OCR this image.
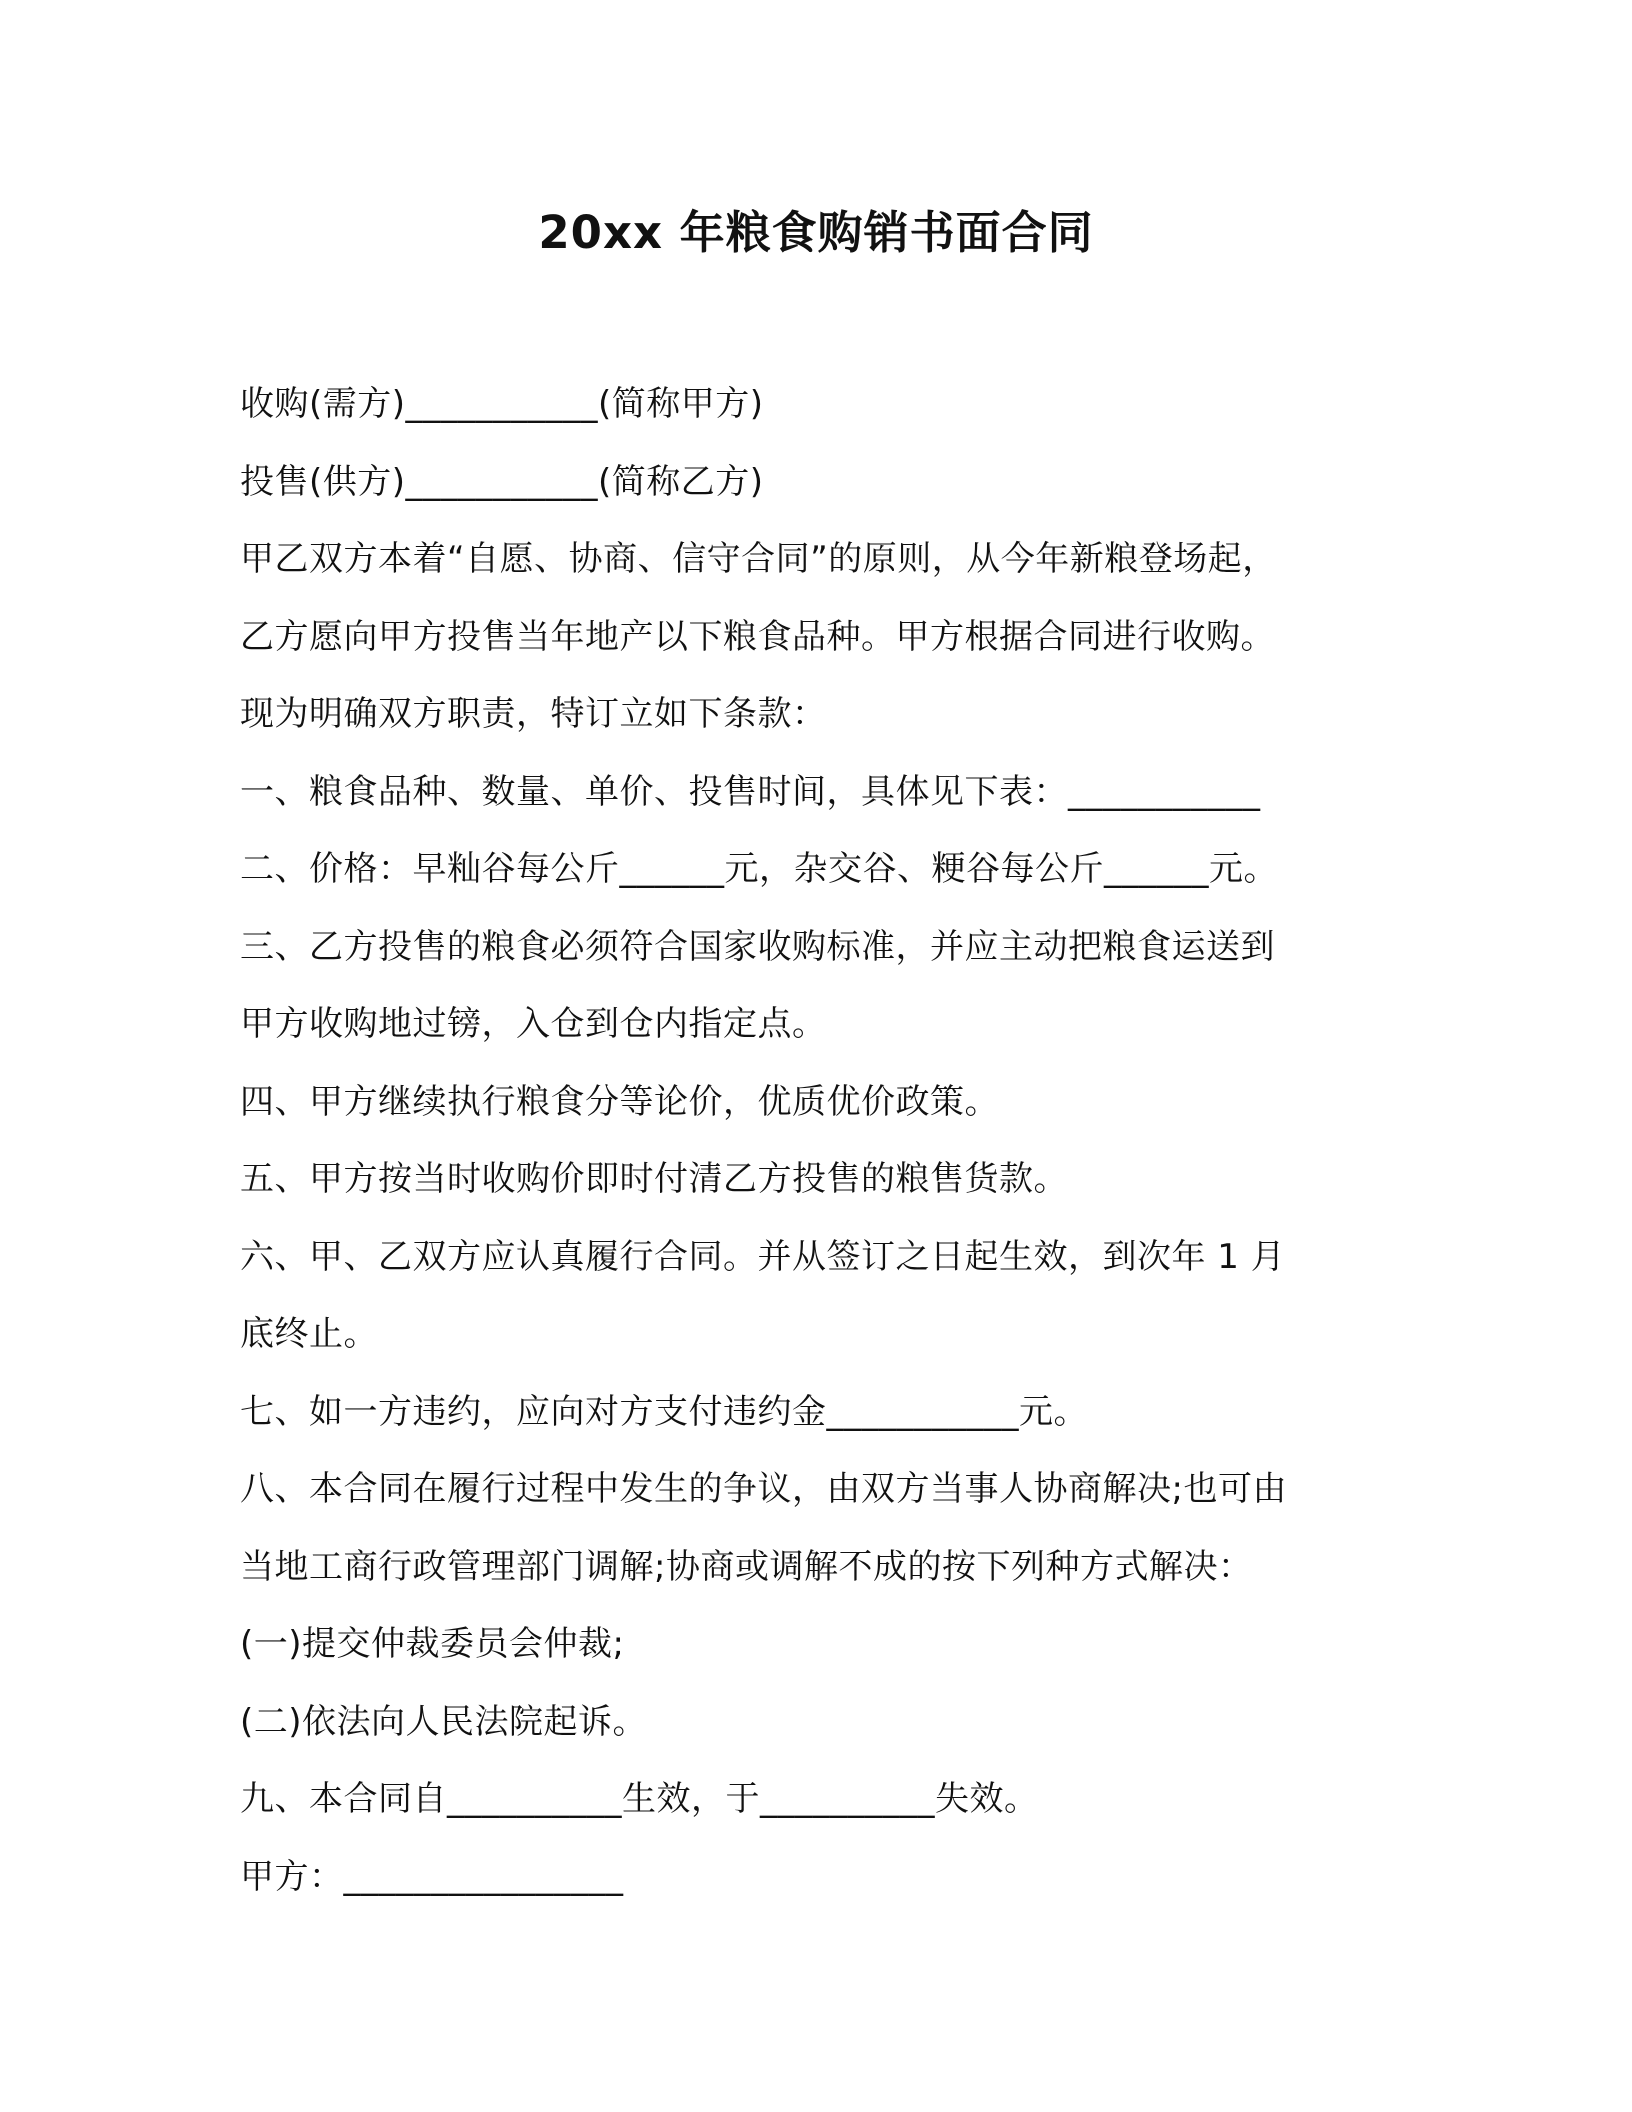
20xx 年粮食购销书面合同
收购(需方)___________(简称甲方)
投售(供方)___________(简称乙方)
甲乙双方本着“自愿、协商、信守合同”的原则，从今年新粮登场起，
乙方愿向甲方投售当年地产以下粮食品种。甲方根据合同进行收购。
现为明确双方职责，特订立如下条款：
一、粮食品种、数量、单价、投售时间，具体见下表：___________
二、价格：早籼谷每公斤______元，杂交谷、粳谷每公斤______元。
三、乙方投售的粮食必须符合国家收购标准，并应主动把粮食运送到
甲方收购地过镑，入仓到仓内指定点。
四、甲方继续执行粮食分等论价，优质优价政策。
五、甲方按当时收购价即时付清乙方投售的粮售货款。
六、甲、乙双方应认真履行合同。并从签订之日起生效，到次年 1 月
底终止。
七、如一方违约，应向对方支付违约金___________元。
八、本合同在履行过程中发生的争议，由双方当事人协商解决;也可由
当地工商行政管理部门调解;协商或调解不成的按下列种方式解决：
(一)提交仲裁委员会仲裁;
(二)依法向人民法院起诉。
九、本合同自__________生效，于__________失效。
甲方：________________
